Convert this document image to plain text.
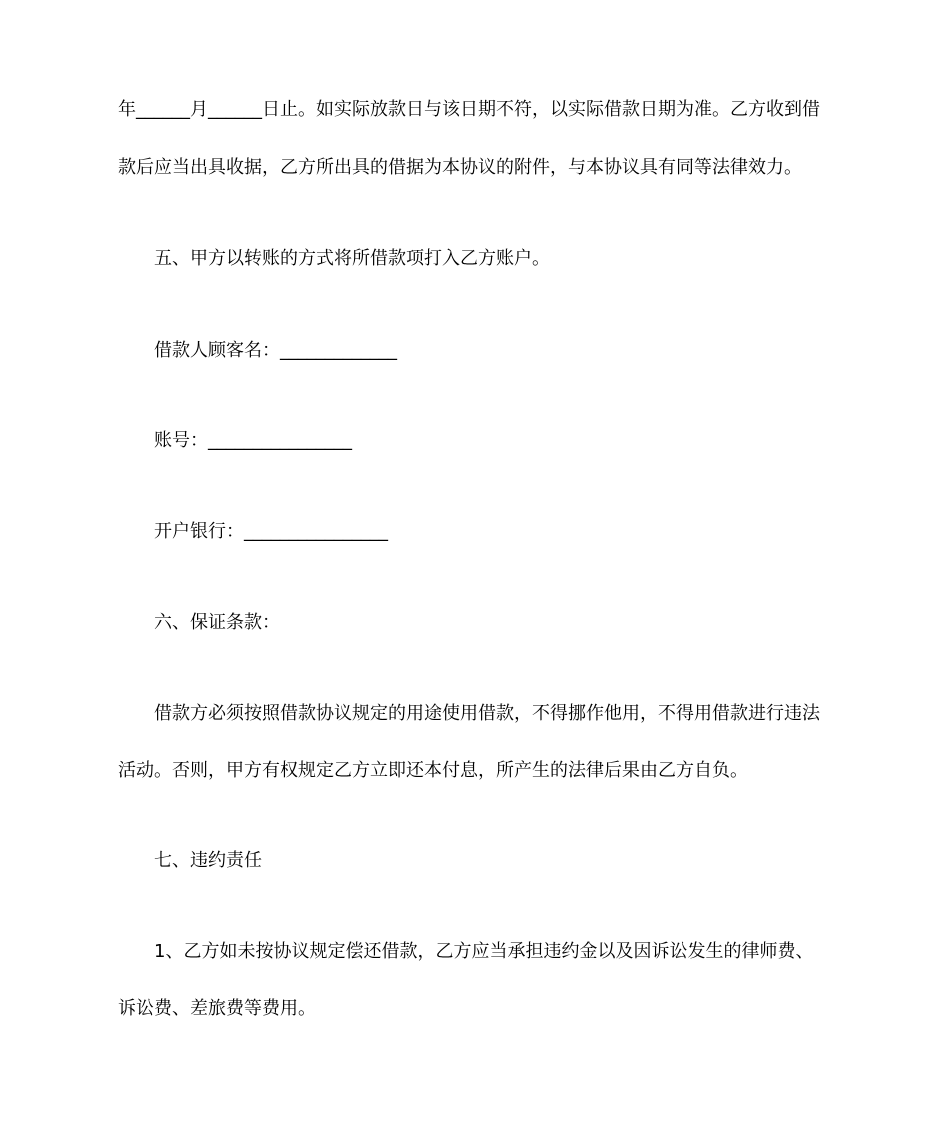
年______月______日止。如实际放款日与该日期不符，以实际借款日期为准。乙方收到借
款后应当出具收据，乙方所出具的借据为本协议的附件，与本协议具有同等法律效力。
五、甲方以转账的方式将所借款项打入乙方账户。
借款人顾客名：_____________
账号：________________
开户银行：________________
六、保证条款：
借款方必须按照借款协议规定的用途使用借款，不得挪作他用，不得用借款进行违法
活动。否则，甲方有权规定乙方立即还本付息，所产生的法律后果由乙方自负。
七、违约责任
1、乙方如未按协议规定偿还借款，乙方应当承担违约金以及因诉讼发生的律师费、
诉讼费、差旅费等费用。
